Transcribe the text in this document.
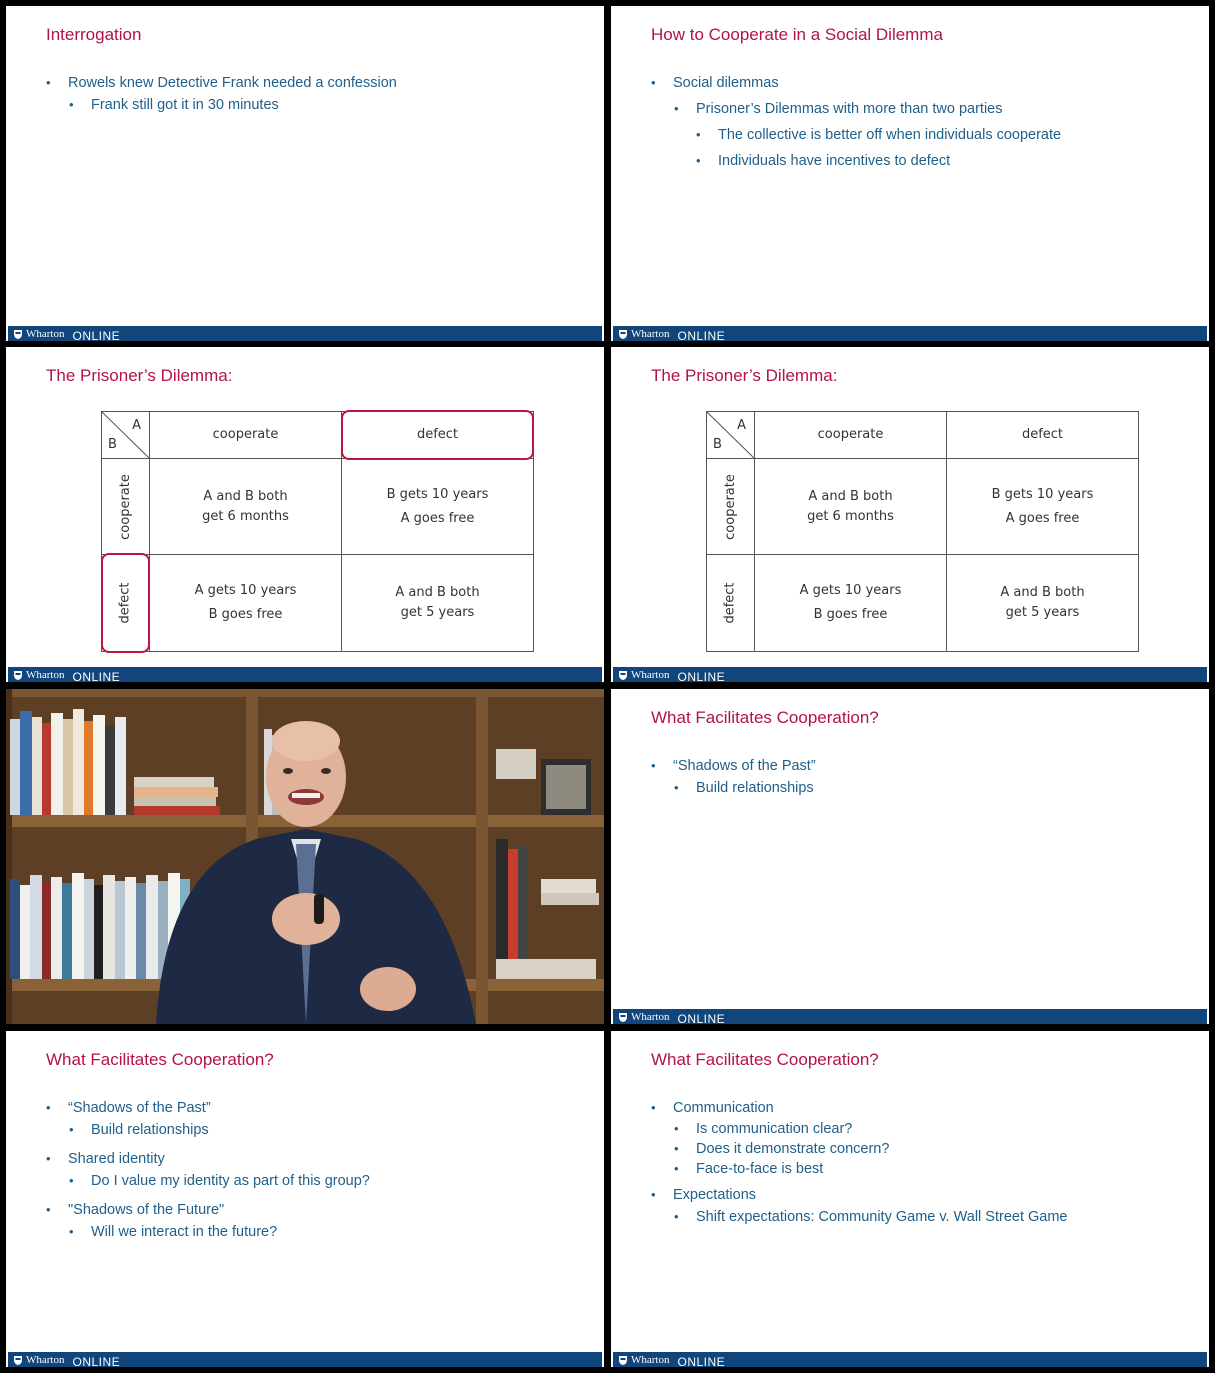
Interrogation
• Rowels knew Detective Frank needed a confession
• Frank still got it in 30 minutes
Wharton ONLINE
How to Cooperate in a Social Dilemma
• Social dilemmas
• Prisoner’s Dilemmas with more than two parties
• The collective is better off when individuals cooperate
• Individuals have incentives to defect
Wharton ONLINE
The Prisoner’s Dilemma:
A
B
cooperate	defect
cooperate
defect
A and B both
get 6 months
B gets 10 years
A goes free
A gets 10 years
B goes free
A and B both
get 5 years
Wharton ONLINE
The Prisoner’s Dilemma:
A
B
cooperate	defect
cooperate
defect
A and B both
get 6 months
B gets 10 years
A goes free
A gets 10 years
B goes free
A and B both
get 5 years
Wharton ONLINE
What Facilitates Cooperation?
• “Shadows of the Past”
• Build relationships
Wharton ONLINE
What Facilitates Cooperation?
• “Shadows of the Past”
• Build relationships
• Shared identity
• Do I value my identity as part of this group?
• "Shadows of the Future"
• Will we interact in the future?
Wharton ONLINE
What Facilitates Cooperation?
• Communication
• Is communication clear?
• Does it demonstrate concern?
• Face-to-face is best
• Expectations
• Shift expectations: Community Game v. Wall Street Game
Wharton ONLINE
